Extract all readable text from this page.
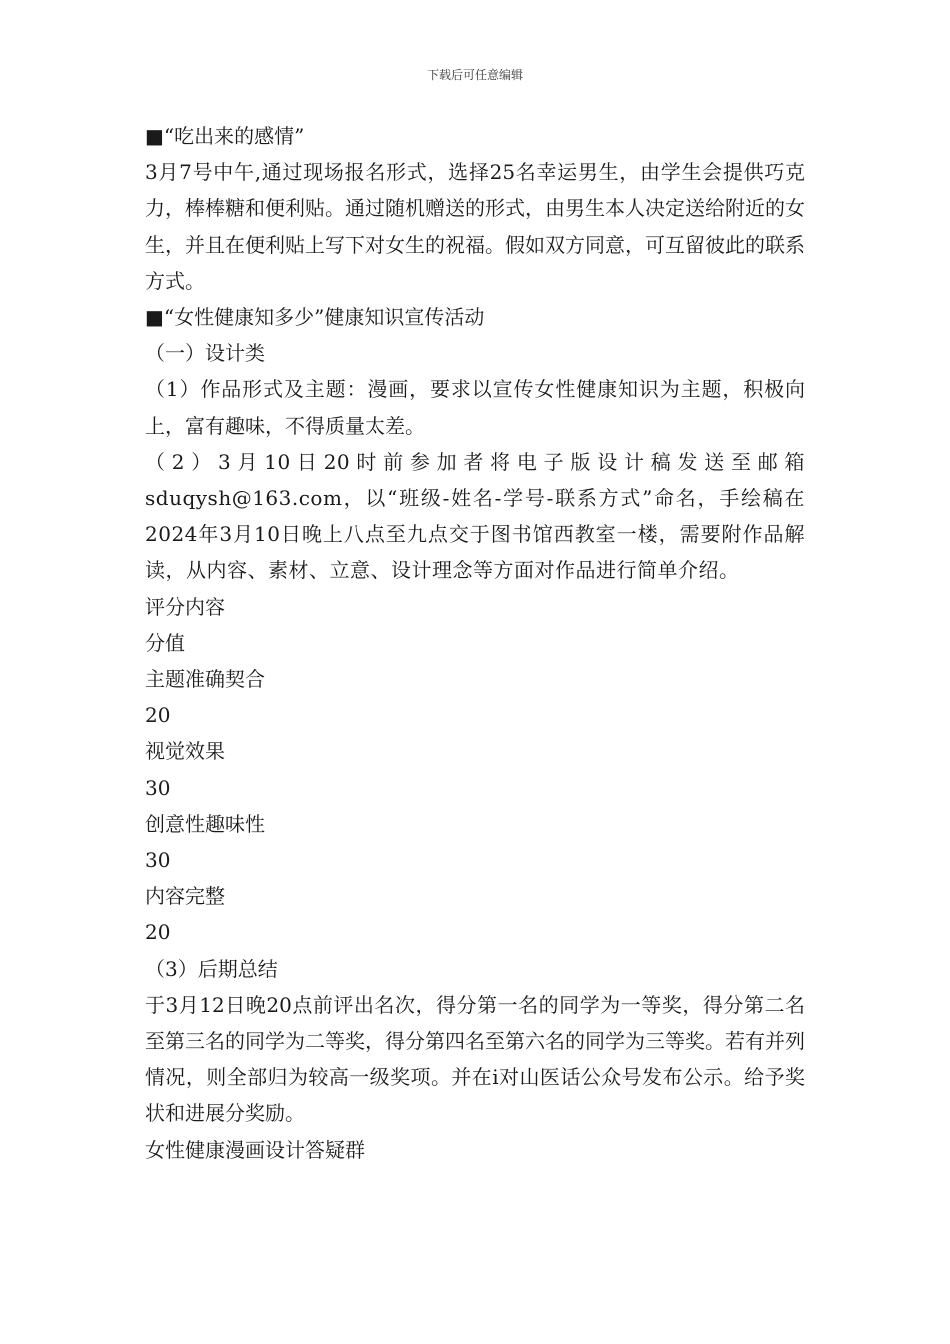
下载后可任意编辑

■“吃出来的感情”

3月7号中午,通过现场报名形式，选择25名幸运男生，由学生会提供巧克力，棒棒糖和便利贴。通过随机赠送的形式，由男生本人决定送给附近的女生，并且在便利贴上写下对女生的祝福。假如双方同意，可互留彼此的联系方式。

■“女性健康知多少”健康知识宣传活动

（一）设计类

（1）作品形式及主题：漫画，要求以宣传女性健康知识为主题，积极向上，富有趣味，不得质量太差。

（2）3月10日20时前参加者将电子版设计稿发送至邮箱sduqysh@163.com，以“班级-姓名-学号-联系方式”命名，手绘稿在2024年3月10日晚上八点至九点交于图书馆西教室一楼，需要附作品解读，从内容、素材、立意、设计理念等方面对作品进行简单介绍。

评分内容

分值

主题准确契合

20

视觉效果

30

创意性趣味性

30

内容完整

20

（3）后期总结

于3月12日晚20点前评出名次，得分第一名的同学为一等奖，得分第二名至第三名的同学为二等奖，得分第四名至第六名的同学为三等奖。若有并列情况，则全部归为较高一级奖项。并在i对山医话公众号发布公示。给予奖状和进展分奖励。

女性健康漫画设计答疑群
